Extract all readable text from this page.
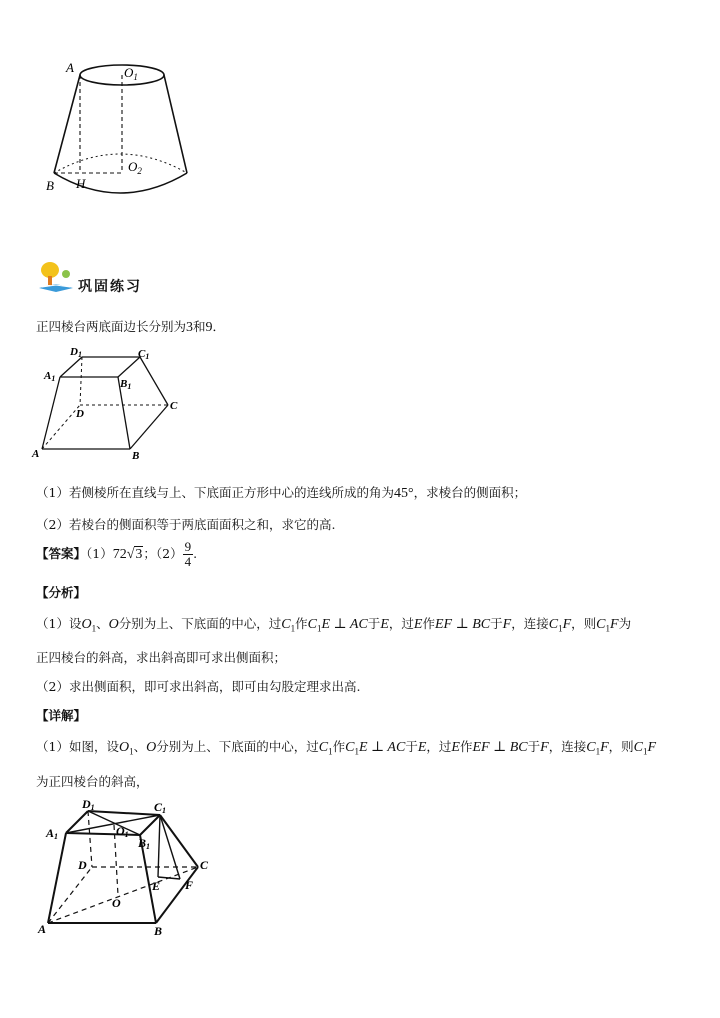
A	$O_1$
B H
$O_2$
巩固练习
正四棱台两底面边长分别为3和9．
D1	C1
A1	B1
D
C
A	B
（1）若侧棱所在直线与上、下底面正方形中心的连线所成的角为45°，求棱台的侧面积；
（2）若棱台的侧面积等于两底面面积之和，求它的高.
【答案】（1）72√3；$(2) \frac{9}{4}$ .
【分析】
（1）设$O_1$、O分别为上、下底面的中心，过$C_1$作$C_1E$ ⊥ AC于E，过E作EF ⊥ BC于F，连接$C_1F$，则$C_1F$为
正四棱台的斜高，求出斜高即可求出侧面积；
（2）求出侧面积，即可求出斜高，即可由勾股定理求出高.
【详解】
（1）如图，设$O_1$、O分别为上、下底面的中心，过$C_1$作$C_1E$ ⊥ AC于E，过E作EF ⊥ BC于F，连接$C_1F$，则$C_1F$
为正四棱台的斜高，
D1	C1
A1	O1
B1
D	C
E F
O
A	B
